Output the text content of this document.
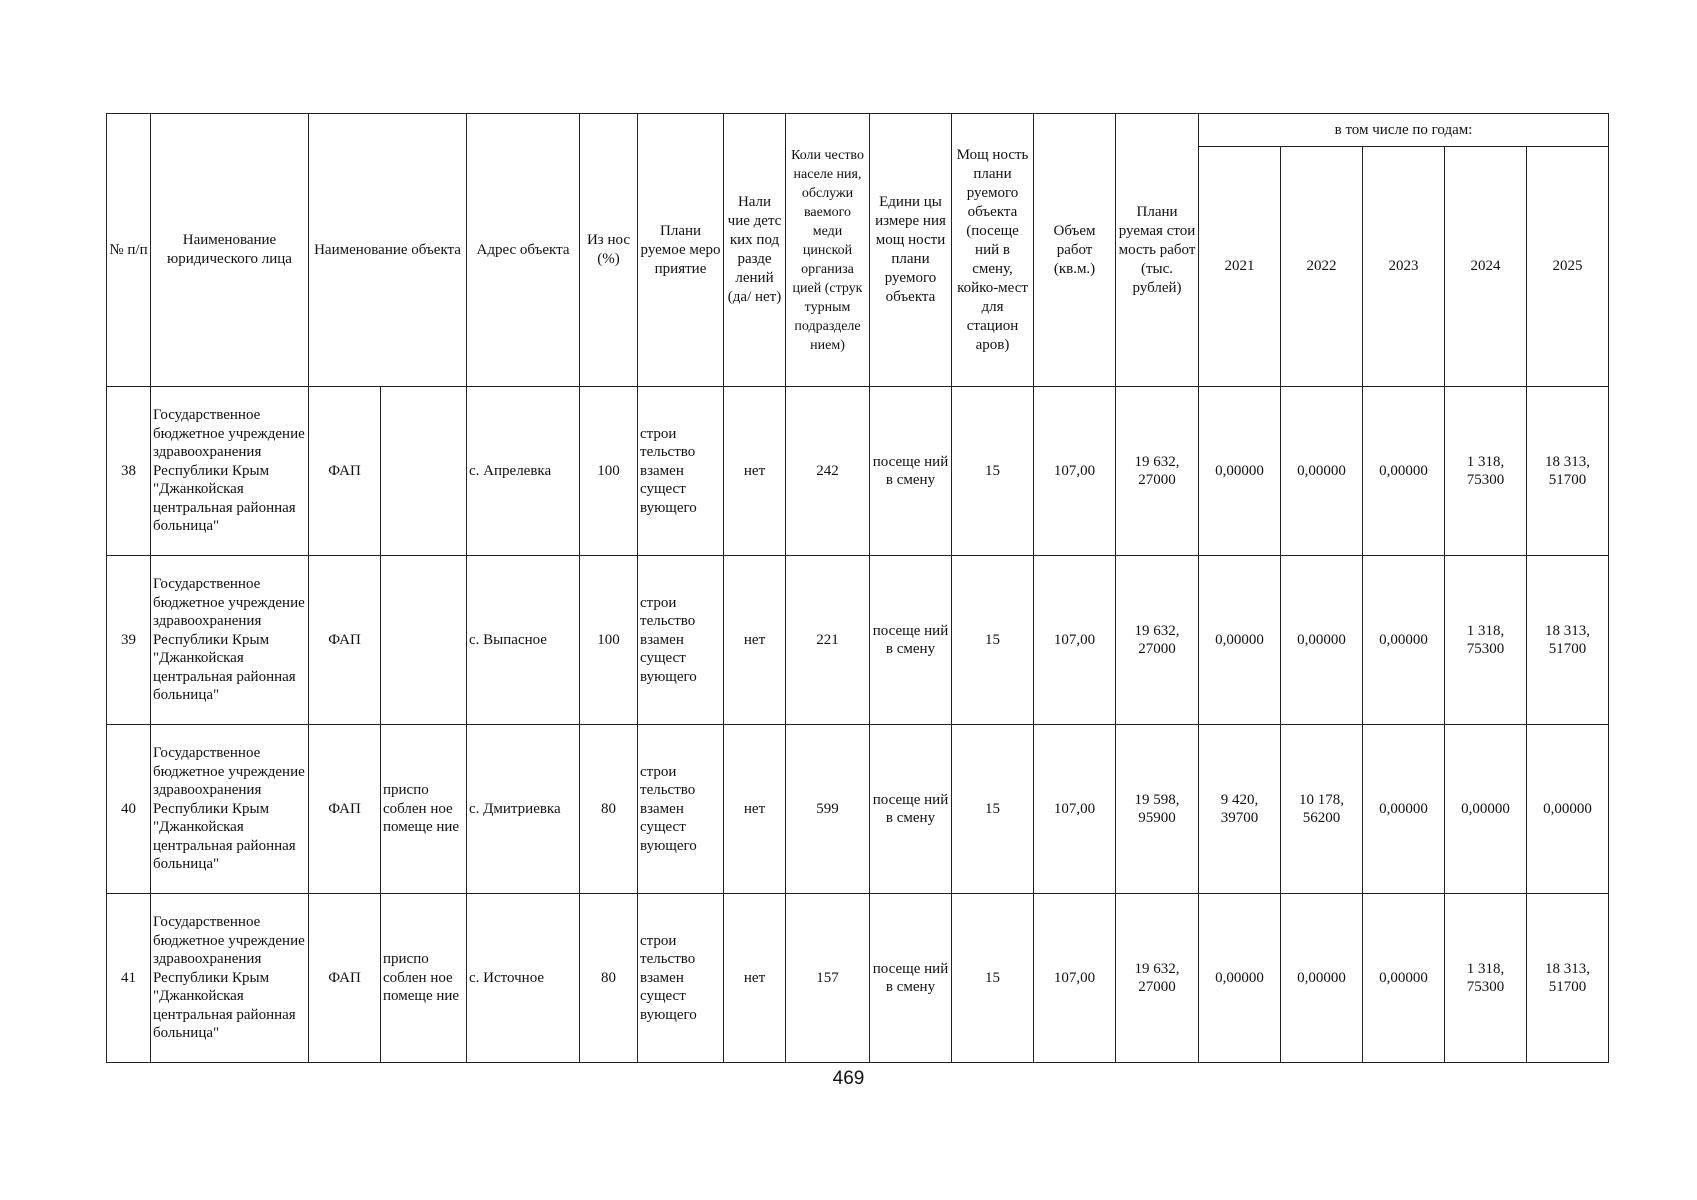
№ п/п	Наименование юридического лица	Наименование объекта		Адрес объекта	Из нос (%)	Плани руемое меро приятие	Нали чие детс ких под разде лений (да/ нет)	Коли чество населе ния, обслужи ваемого меди цинской организа цией (струк турным подразделе нием)	Едини цы измере ния мощ ности плани руемого объекта	Мощ ность плани руемого объекта (посеще ний в смену, койко-мест для стацион аров)	Объем работ (кв.м.)	Плани руемая стои мость работ (тыс. рублей)	в том числе по годам:				
													2021	2022	2023	2024	2025
38	Государственное бюджетное учреждение здравоохранения Республики Крым "Джанкойская центральная районная больница"	ФАП		с. Апрелевка	100	строи тельство взамен сущест вующего	нет	242	посеще ний в смену	15	107,00	19 632, 27000	0,00000	0,00000	0,00000	1 318, 75300	18 313, 51700
39	Государственное бюджетное учреждение здравоохранения Республики Крым "Джанкойская центральная районная больница"	ФАП		с. Выпасное	100	строи тельство взамен сущест вующего	нет	221	посеще ний в смену	15	107,00	19 632, 27000	0,00000	0,00000	0,00000	1 318, 75300	18 313, 51700
40	Государственное бюджетное учреждение здравоохранения Республики Крым "Джанкойская центральная районная больница"	ФАП	приспо соблен ное помеще ние	с. Дмитриевка	80	строи тельство взамен сущест вующего	нет	599	посеще ний в смену	15	107,00	19 598, 95900	9 420, 39700	10 178, 56200	0,00000	0,00000	0,00000
41	Государственное бюджетное учреждение здравоохранения Республики Крым "Джанкойская центральная районная больница"	ФАП	приспо соблен ное помеще ние	с. Источное	80	строи тельство взамен сущест вующего	нет	157	посеще ний в смену	15	107,00	19 632, 27000	0,00000	0,00000	0,00000	1 318, 75300	18 313, 51700
469
